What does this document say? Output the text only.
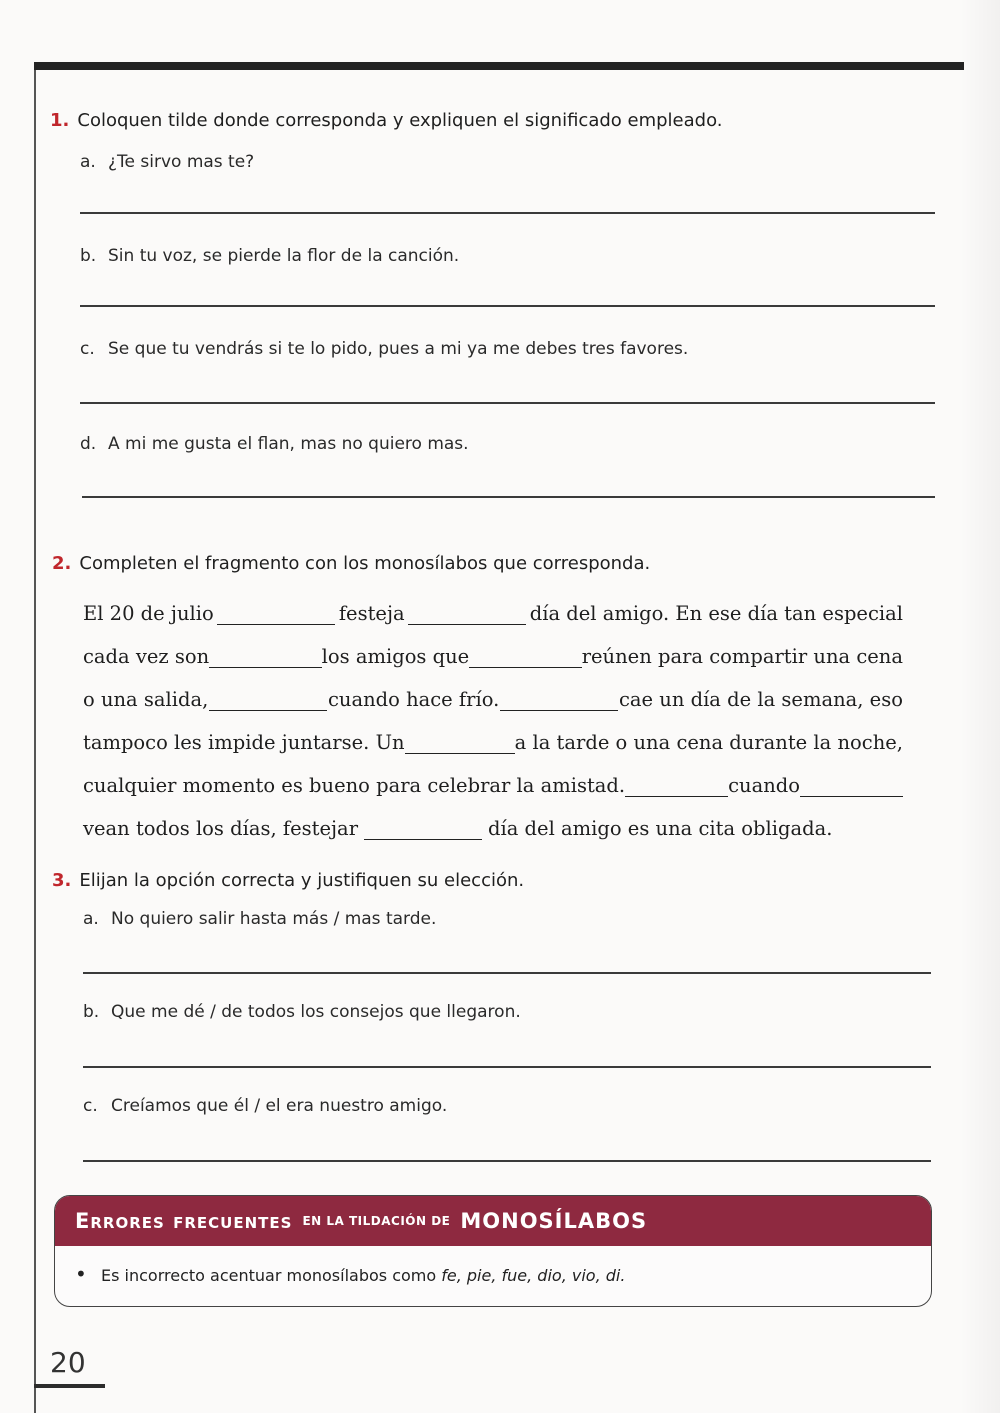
1. Coloquen tilde donde corresponda y expliquen el significado empleado.
a. ¿Te sirvo mas te?
b. Sin tu voz, se pierde la flor de la canción.
c. Se que tu vendrás si te lo pido, pues a mi ya me debes tres favores.
d. A mi me gusta el flan, mas no quiero mas.
2. Completen el fragmento con los monosílabos que corresponda.
El 20 de julio	festeja	día del amigo. En ese día tan especial
cada vez son	los amigos que	reúnen para compartir una cena
o una salida,	cuando hace frío.	cae un día de la semana, eso
tampoco les impide juntarse. Un	a la tarde o una cena durante la noche,
cualquier momento es bueno para celebrar la amistad.	cuando
vean todos los días, festejar	día del amigo es una cita obligada.
3. Elijan la opción correcta y justifiquen su elección.
a. No quiero salir hasta más / mas tarde.
b. Que me dé / de todos los consejos que llegaron.
c. Creíamos que él / el era nuestro amigo.
Errores frecuentes EN LA TILDACIÓN DE MONOSÍLABOS
• Es incorrecto acentuar monosílabos como fe, pie, fue, dio, vio, di.
20
